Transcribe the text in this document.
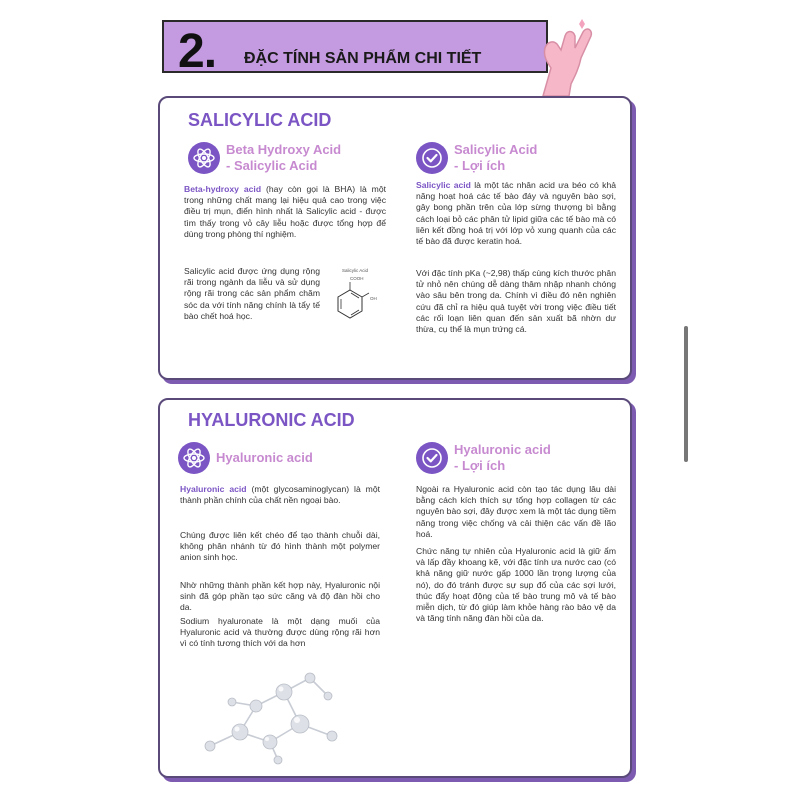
2. ĐẶC TÍNH SẢN PHẨM CHI TIẾT
SALICYLIC ACID
Beta Hydroxy Acid
- Salicylic Acid
Beta-hydroxy acid (hay còn gọi là BHA) là một trong những chất mang lại hiệu quả cao trong việc điều trị mụn, điển hình nhất là Salicylic acid - được tìm thấy trong vỏ cây liễu hoặc được tổng hợp để dùng trong phòng thí nghiệm.
Salicylic acid được ứng dụng rộng rãi trong ngành da liễu và sử dụng rộng rãi trong các sản phẩm chăm sóc da với tính năng chính là tẩy tế bào chết hoá học.
Salicylic Acid
COOH
OH
Salicylic Acid
- Lợi ích
Salicylic acid là một tác nhân acid ưa béo có khả năng hoạt hoá các tế bào đáy và nguyên bào sợi, gây bong phần trên của lớp sừng thượng bì bằng cách loại bỏ các phân tử lipid giữa các tế bào mà có liên kết đồng hoá trị với lớp vỏ xung quanh của các tế bào đã được keratin hoá.
Với đặc tính pKa (~2,98) thấp cùng kích thước phân tử nhỏ nên chúng dễ dàng thâm nhập nhanh chóng vào sâu bên trong da. Chính vì điều đó nên nghiên cứu đã chỉ ra hiệu quả tuyệt vời trong việc điều tiết các rối loạn liên quan đến sản xuất bã nhờn dư thừa, cụ thể là mụn trứng cá.
HYALURONIC ACID
Hyaluronic acid
Hyaluronic acid (một glycosaminoglycan) là một thành phần chính của chất nền ngoại bào.
Chúng được liên kết chéo để tạo thành chuỗi dài, không phân nhánh từ đó hình thành một polymer anion sinh học.
Nhờ những thành phần kết hợp này, Hyaluronic nội sinh đã góp phần tạo sức căng và độ đàn hồi cho da.
Sodium hyaluronate là một dạng muối của Hyaluronic acid và thường được dùng rộng rãi hơn vì có tính tương thích với da hơn
Hyaluronic acid
- Lợi ích
Ngoài ra Hyaluronic acid còn tạo tác dụng lâu dài bằng cách kích thích sự tổng hợp collagen từ các nguyên bào sợi, đây được xem là một tác dụng tiềm năng trong việc chống và cải thiện các vấn đề lão hoá.
Chức năng tự nhiên của Hyaluronic acid là giữ ẩm và lấp đầy khoang kẽ, với đặc tính ưa nước cao (có khả năng giữ nước gấp 1000 lần trọng lượng của nó), do đó tránh được sự sụp đổ của các sợi lưới, thúc đẩy hoạt động của tế bào trung mô và tế bào miễn dịch, từ đó giúp làm khỏe hàng rào bảo vệ da và tăng tính năng đàn hồi của da.
